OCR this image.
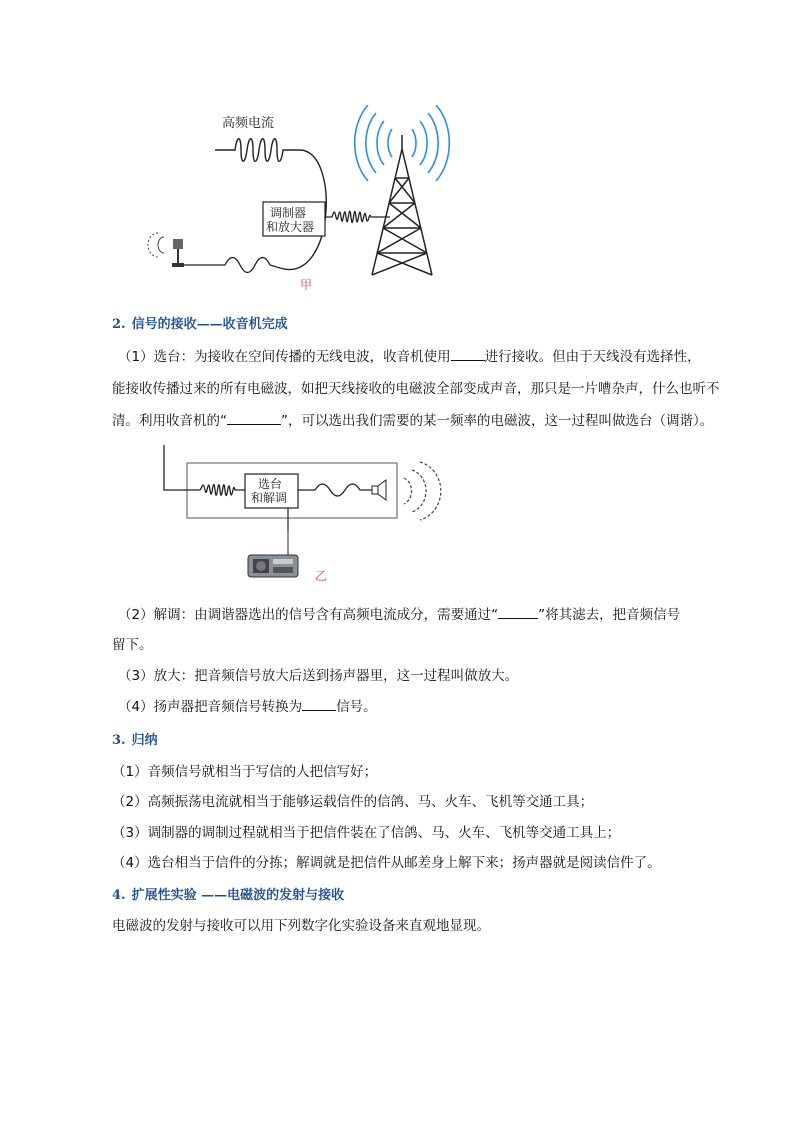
高频电流
调制器
和放大器
甲
2. 信号的接收——收音机完成
（1）选台：为接收在空间传播的无线电波，收音机使用	进行接收。但由于天线没有选择性，
能接收传播过来的所有电磁波，如把天线接收的电磁波全部变成声音，那只是一片嘈杂声，什么也听不
清。利用收音机的“	”，可以选出我们需要的某一频率的电磁波，这一过程叫做选台（调谐）。
选台
和解调
乙
（2）解调：由调谐器选出的信号含有高频电流成分，需要通过“	”将其滤去，把音频信号
留下。
（3）放大：把音频信号放大后送到扬声器里，这一过程叫做放大。
（4）扬声器把音频信号转换为	信号。
3. 归纳
（1）音频信号就相当于写信的人把信写好；
（2）高频振荡电流就相当于能够运载信件的信鸽、马、火车、飞机等交通工具；
（3）调制器的调制过程就相当于把信件装在了信鸽、马、火车、飞机等交通工具上；
（4）选台相当于信件的分拣；解调就是把信件从邮差身上解下来；扬声器就是阅读信件了。
4. 扩展性实验 ——电磁波的发射与接收
电磁波的发射与接收可以用下列数字化实验设备来直观地显现。
